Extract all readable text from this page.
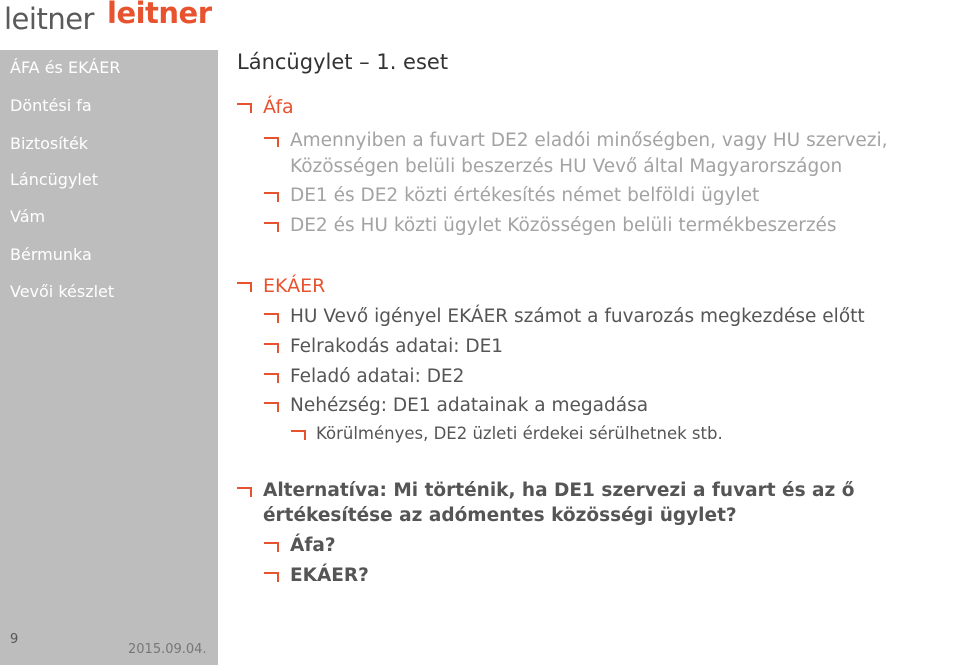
leitner leitner
ÁFA és EKÁER
Döntési fa
Biztosíték
Láncügylet
Vám
Bérmunka
Vevői készlet
9
2015.09.04.
Láncügylet – 1. eset
Áfa
Amennyiben a fuvart DE2 eladói minőségben, vagy HU szervezi,
Közösségen belüli beszerzés HU Vevő által Magyarországon
DE1 és DE2 közti értékesítés német belföldi ügylet
DE2 és HU közti ügylet Közösségen belüli termékbeszerzés
EKÁER
HU Vevő igényel EKÁER számot a fuvarozás megkezdése előtt
Felrakodás adatai: DE1
Feladó adatai: DE2
Nehézség: DE1 adatainak a megadása
Körülményes, DE2 üzleti érdekei sérülhetnek stb.
Alternatíva: Mi történik, ha DE1 szervezi a fuvart és az ő
értékesítése az adómentes közösségi ügylet?
Áfa?
EKÁER?
